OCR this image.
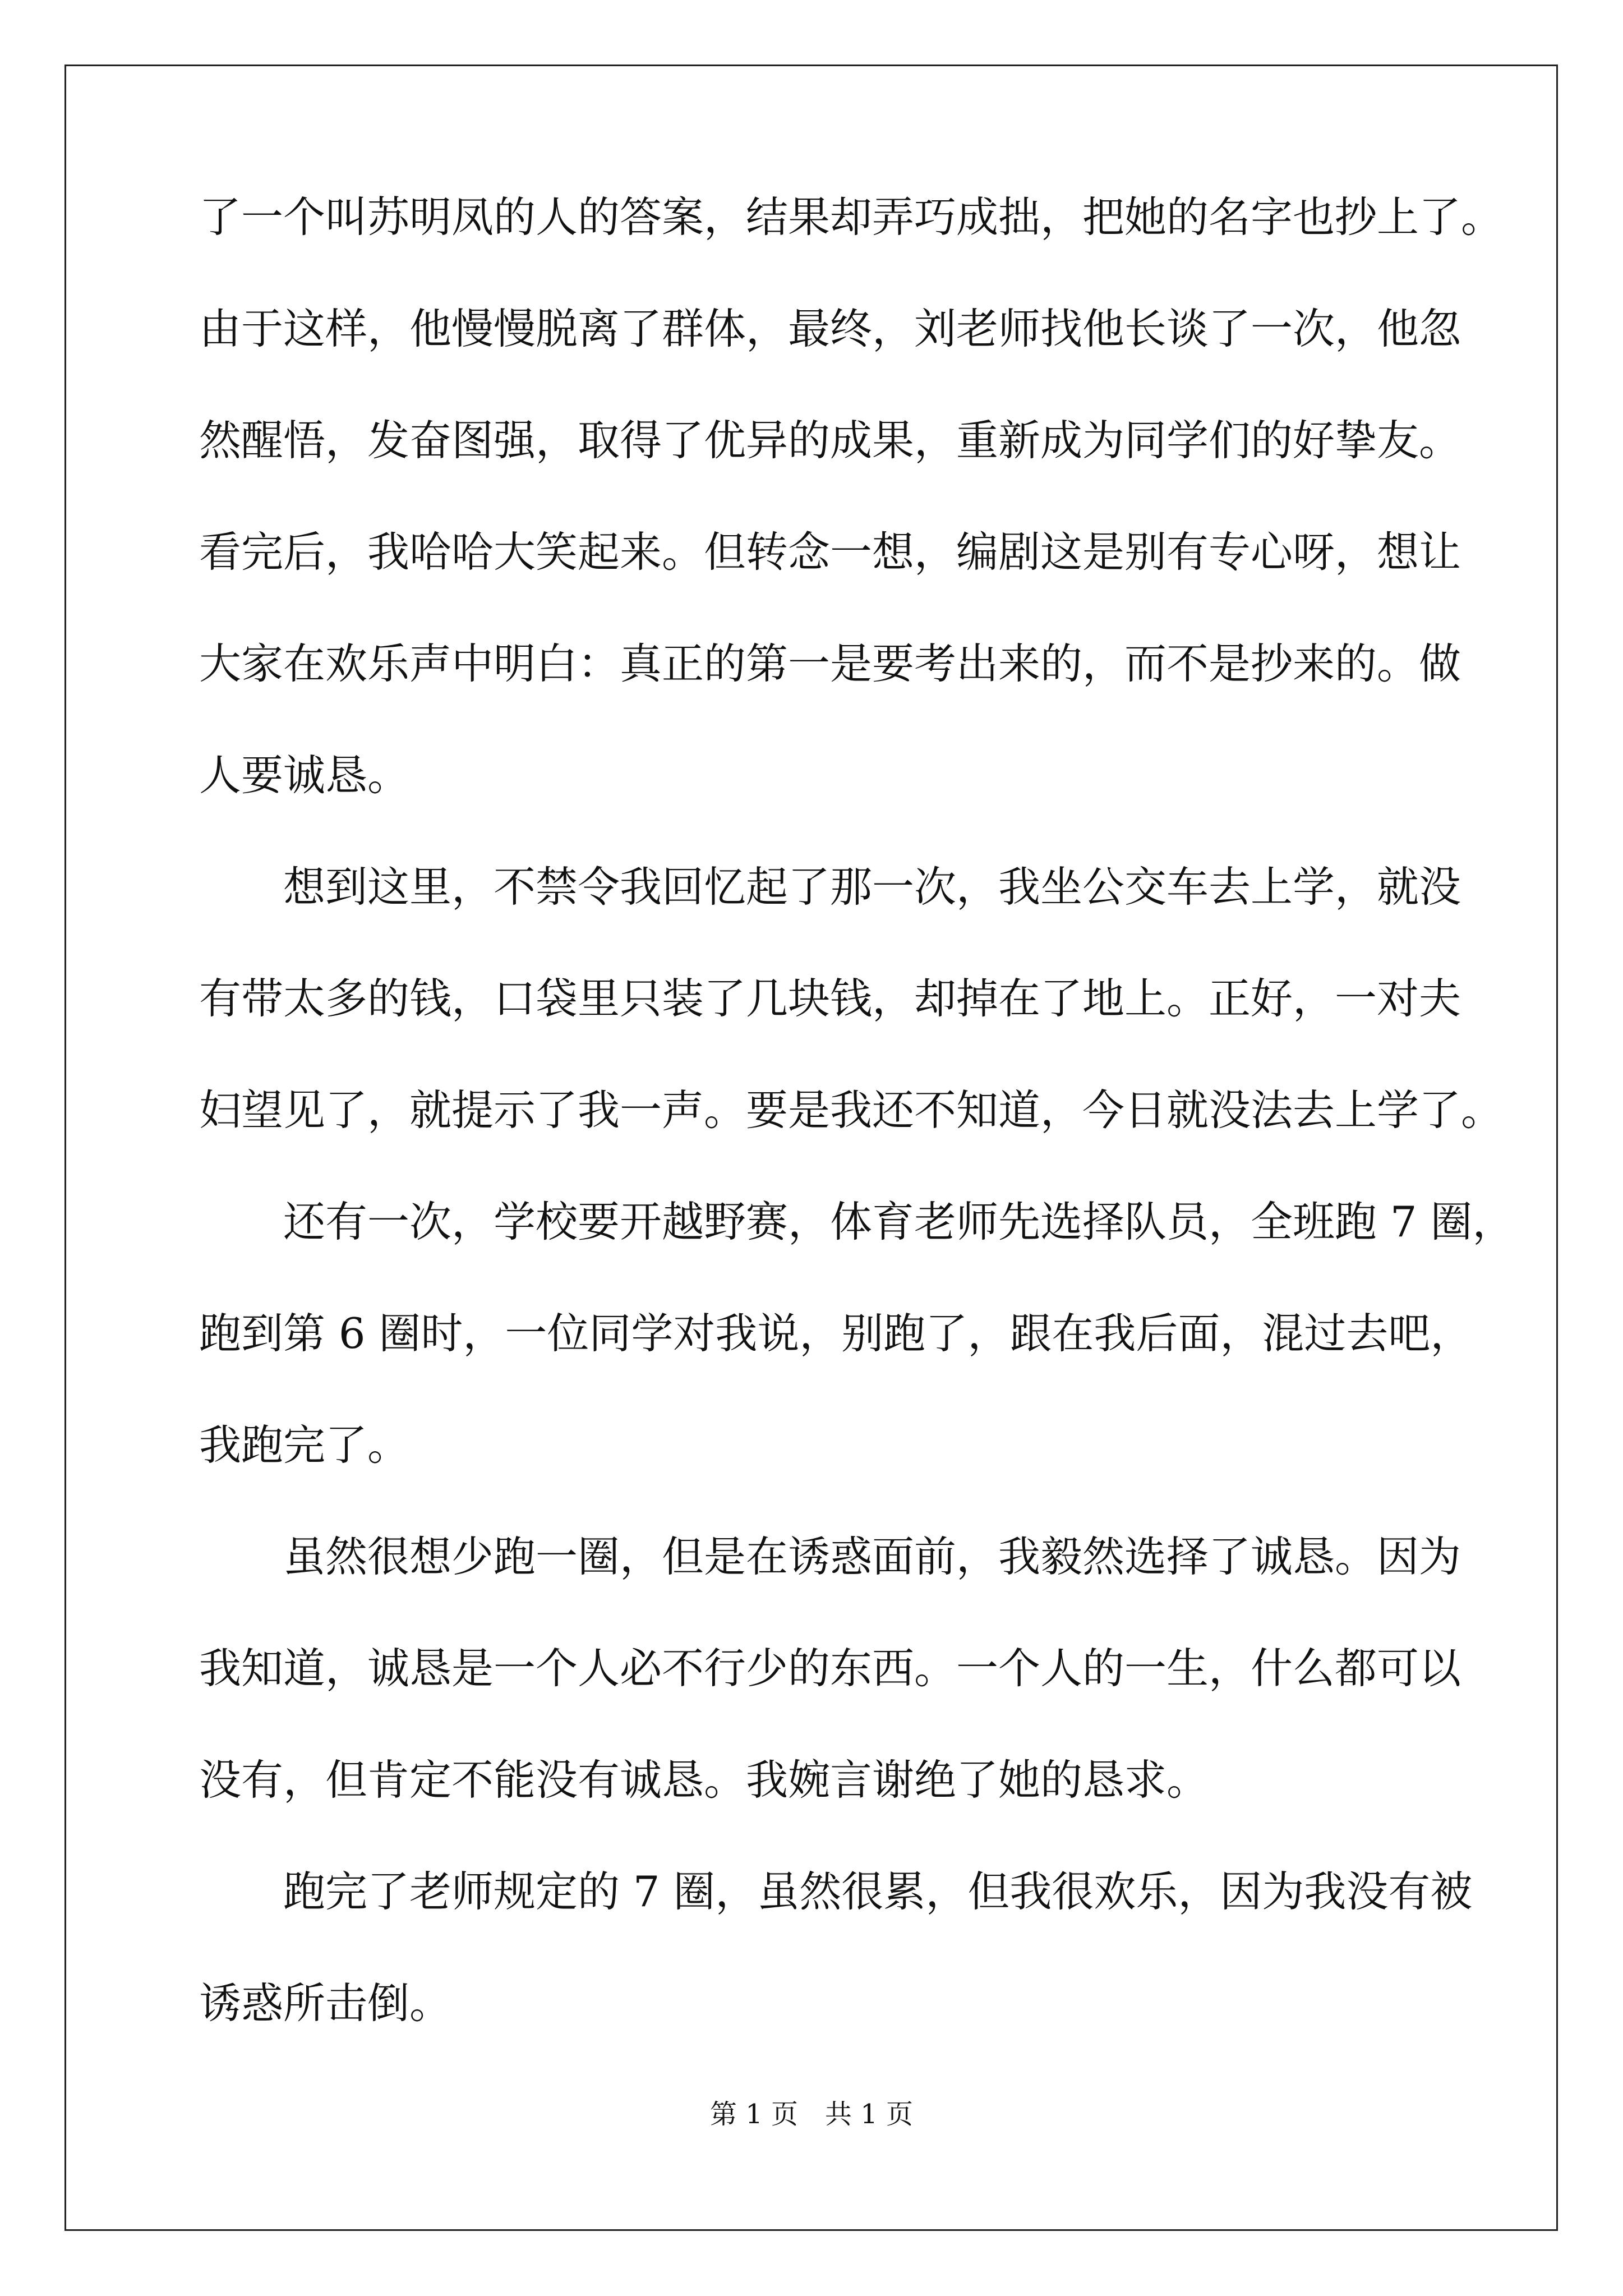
了一个叫苏明凤的人的答案，结果却弄巧成拙，把她的名字也抄上了。
由于这样，他慢慢脱离了群体，最终，刘老师找他长谈了一次，他忽
然醒悟，发奋图强，取得了优异的成果，重新成为同学们的好挚友。
看完后，我哈哈大笑起来。但转念一想，编剧这是别有专心呀，想让
大家在欢乐声中明白：真正的第一是要考出来的，而不是抄来的。做
人要诚恳。
想到这里，不禁令我回忆起了那一次，我坐公交车去上学，就没
有带太多的钱，口袋里只装了几块钱，却掉在了地上。正好，一对夫
妇望见了，就提示了我一声。要是我还不知道，今日就没法去上学了。
还有一次，学校要开越野赛，体育老师先选择队员，全班跑 7 圈，
跑到第 6 圈时，一位同学对我说，别跑了，跟在我后面，混过去吧，
我跑完了。
虽然很想少跑一圈，但是在诱惑面前，我毅然选择了诚恳。因为
我知道，诚恳是一个人必不行少的东西。一个人的一生，什么都可以
没有，但肯定不能没有诚恳。我婉言谢绝了她的恳求。
跑完了老师规定的 7 圈，虽然很累，但我很欢乐，因为我没有被
诱惑所击倒。
第 1 页　共 1 页
